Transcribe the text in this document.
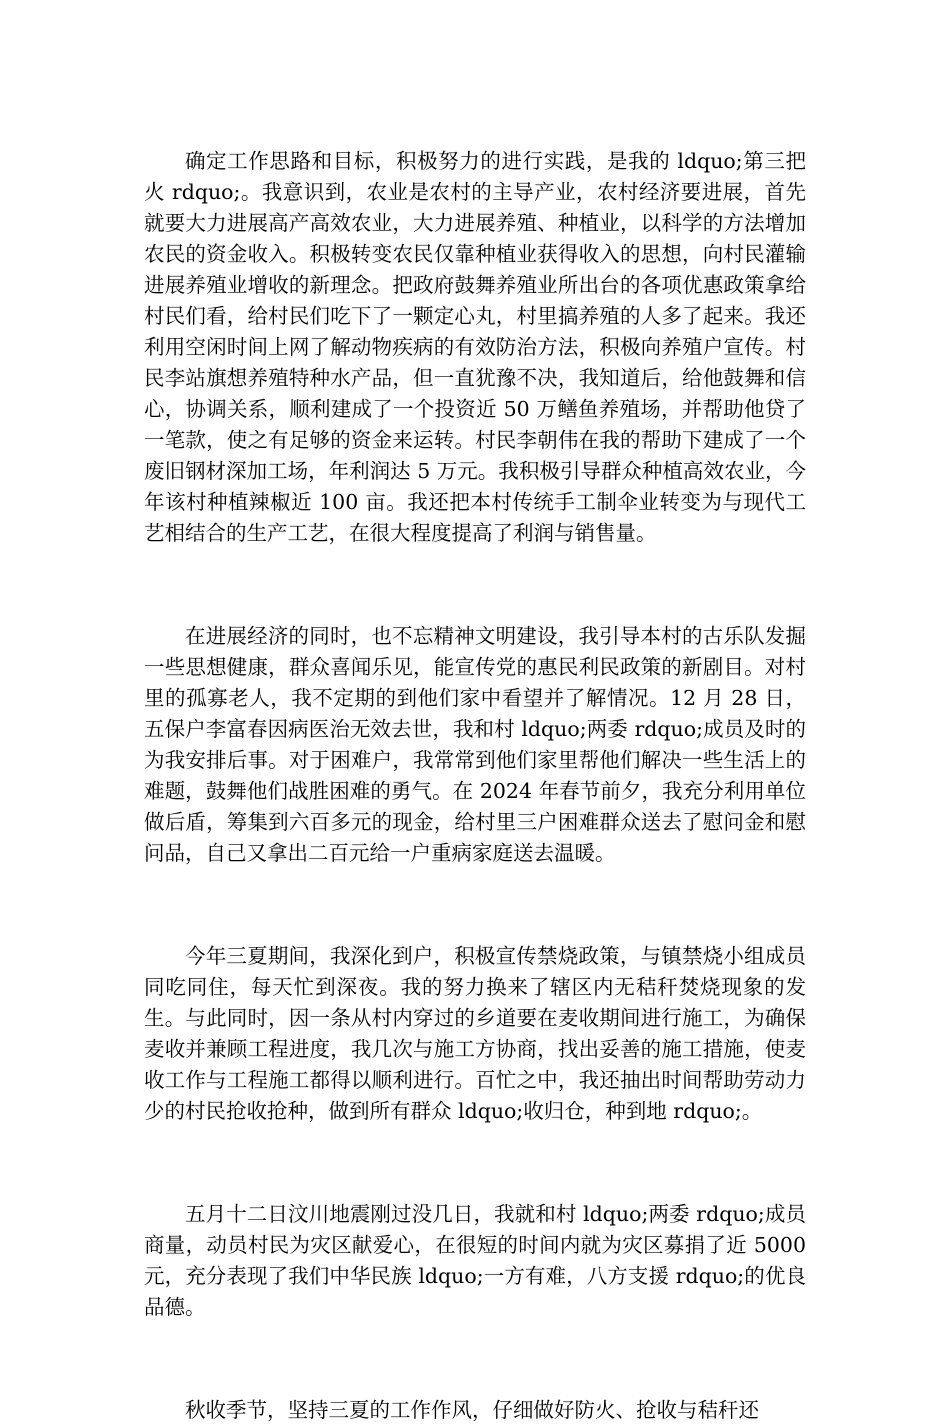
确定工作思路和目标，积极努力的进行实践，是我的 ldquo;第三把火 rdquo;。我意识到，农业是农村的主导产业，农村经济要进展，首先就要大力进展高产高效农业，大力进展养殖、种植业，以科学的方法增加农民的资金收入。积极转变农民仅靠种植业获得收入的思想，向村民灌输进展养殖业增收的新理念。把政府鼓舞养殖业所出台的各项优惠政策拿给村民们看，给村民们吃下了一颗定心丸，村里搞养殖的人多了起来。我还利用空闲时间上网了解动物疾病的有效防治方法，积极向养殖户宣传。村民李站旗想养殖特种水产品，但一直犹豫不决，我知道后，给他鼓舞和信心，协调关系，顺利建成了一个投资近 50 万鳝鱼养殖场，并帮助他贷了一笔款，使之有足够的资金来运转。村民李朝伟在我的帮助下建成了一个废旧钢材深加工场，年利润达 5 万元。我积极引导群众种植高效农业，今年该村种植辣椒近 100 亩。我还把本村传统手工制伞业转变为与现代工艺相结合的生产工艺，在很大程度提高了利润与销售量。

在进展经济的同时，也不忘精神文明建设，我引导本村的古乐队发掘一些思想健康，群众喜闻乐见，能宣传党的惠民利民政策的新剧目。对村里的孤寡老人，我不定期的到他们家中看望并了解情况。12 月 28 日，五保户李富春因病医治无效去世，我和村 ldquo;两委 rdquo;成员及时的为我安排后事。对于困难户，我常常到他们家里帮他们解决一些生活上的难题，鼓舞他们战胜困难的勇气。在 2024 年春节前夕，我充分利用单位做后盾，筹集到六百多元的现金，给村里三户困难群众送去了慰问金和慰问品，自己又拿出二百元给一户重病家庭送去温暖。

今年三夏期间，我深化到户，积极宣传禁烧政策，与镇禁烧小组成员同吃同住，每天忙到深夜。我的努力换来了辖区内无秸秆焚烧现象的发生。与此同时，因一条从村内穿过的乡道要在麦收期间进行施工，为确保麦收并兼顾工程进度，我几次与施工方协商，找出妥善的施工措施，使麦收工作与工程施工都得以顺利进行。百忙之中，我还抽出时间帮助劳动力少的村民抢收抢种，做到所有群众 ldquo;收归仓，种到地 rdquo;。

五月十二日汶川地震刚过没几日，我就和村 ldquo;两委 rdquo;成员商量，动员村民为灾区献爱心，在很短的时间内就为灾区募捐了近 5000 元，充分表现了我们中华民族 ldquo;一方有难，八方支援 rdquo;的优良品德。

秋收季节，坚持三夏的工作作风，仔细做好防火、抢收与秸秆还
